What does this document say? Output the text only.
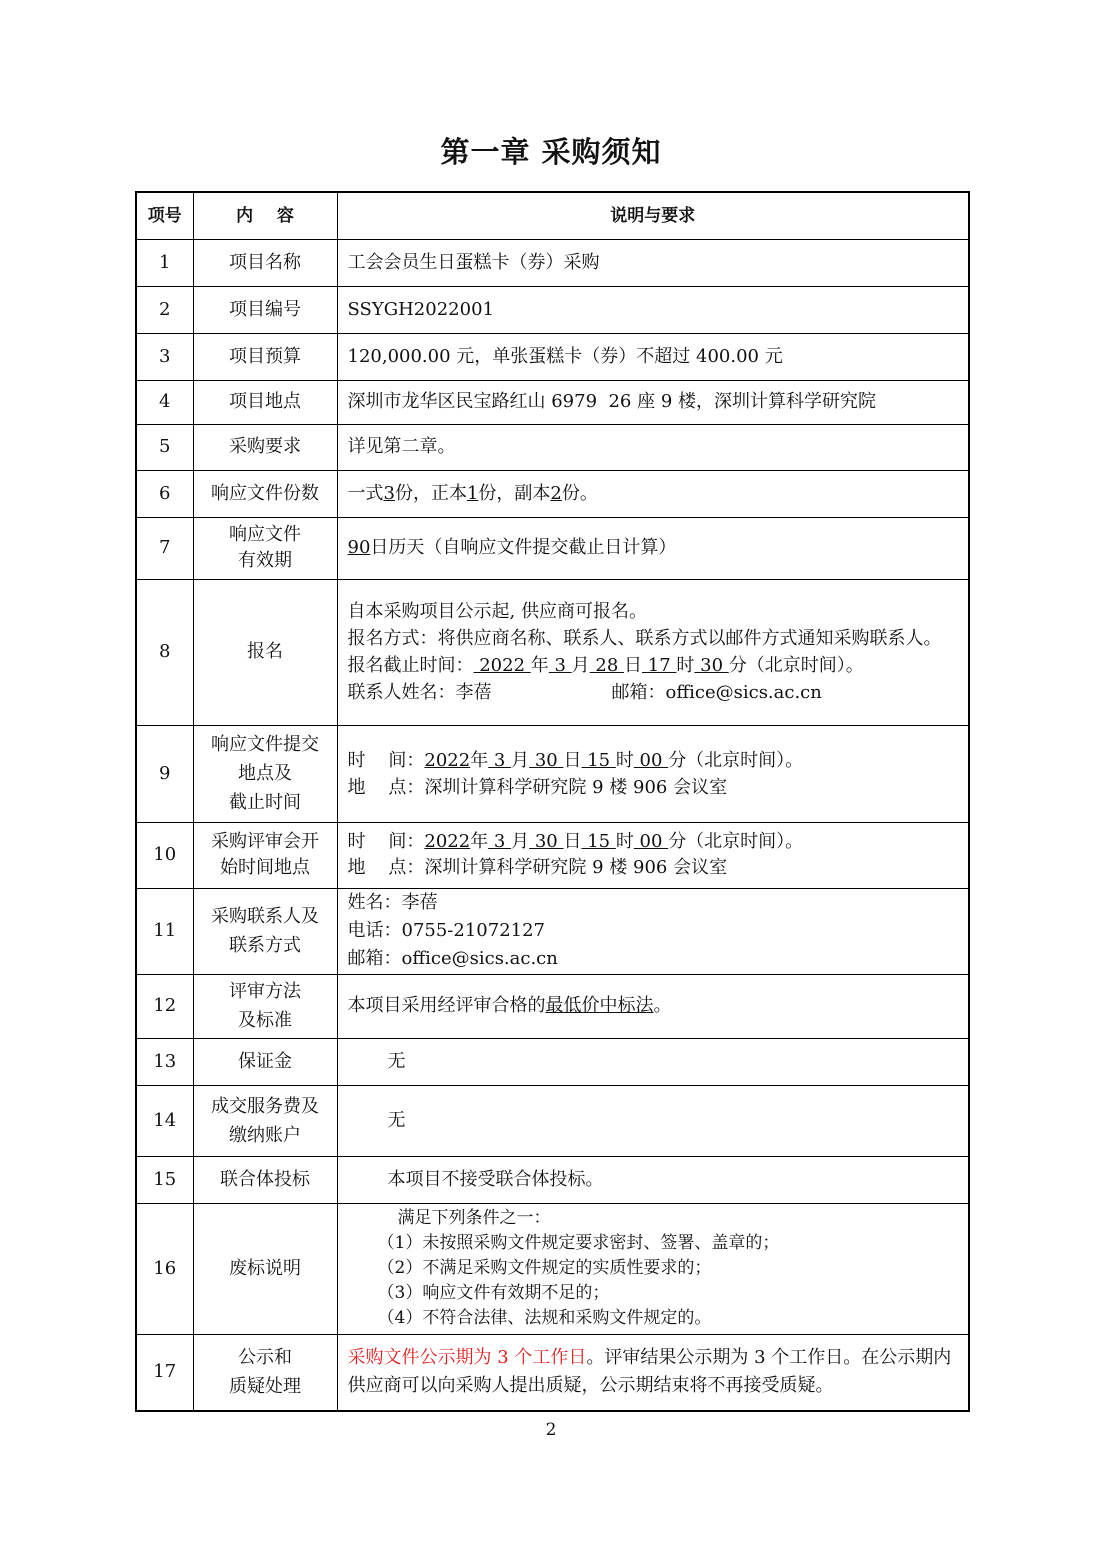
第一章 采购须知
项号	内    容	说明与要求
1	项目名称	工会会员生日蛋糕卡（券）采购
2	项目编号	SSYGH2022001
3	项目预算	120,000.00 元，单张蛋糕卡（券）不超过 400.00 元
4	项目地点	深圳市龙华区民宝路红山 6979  26 座 9 楼，深圳计算科学研究院
5	采购要求	详见第二章。
6	响应文件份数	一式3份，正本1份，副本2份。
7	响应文件
有效期	90日历天（自响应文件提交截止日计算）
8	报名	自本采购项目公示起, 供应商可报名。
报名方式：将供应商名称、联系人、联系方式以邮件方式通知采购联系人。
报名截止时间： 2022 年 3 月 28 日 17 时 30 分（北京时间）。
联系人姓名：李蓓 邮箱：office@sics.ac.cn

9	响应文件提交
地点及
截止时间	时    间：2022年 3 月 30 日 15 时 00 分（北京时间）。
地    点：深圳计算科学研究院 9 楼 906 会议室

10	采购评审会开
始时间地点	时    间：2022年 3 月 30 日 15 时 00 分（北京时间）。
地    点：深圳计算科学研究院 9 楼 906 会议室

11	采购联系人及
联系方式	姓名：李蓓
电话：0755-21072127
邮箱：office@sics.ac.cn

12	评审方法
及标准	本项目采用经评审合格的最低价中标法。
13	保证金	无
14	成交服务费及
缴纳账户	无
15	联合体投标	本项目不接受联合体投标。
16	废标说明	满足下列条件之一：
（1）未按照采购文件规定要求密封、签署、盖章的；
（2）不满足采购文件规定的实质性要求的；
（3）响应文件有效期不足的；
（4）不符合法律、法规和采购文件规定的。

17	公示和
质疑处理	采购文件公示期为 3 个工作日。评审结果公示期为 3 个工作日。在公示期内供应商可以向采购人提出质疑，公示期结束将不再接受质疑。
2
